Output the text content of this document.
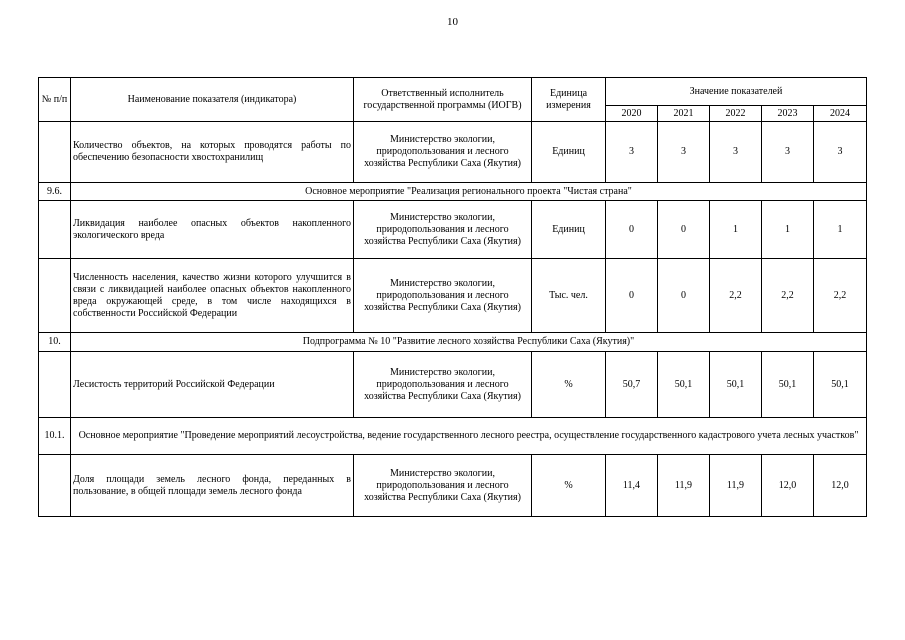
10
№ п/п	Наименование показателя (индикатора)	Ответственный исполнитель государственной программы (ИОГВ)	Единица измерения	Значение показателей				
				2020	2021	2022	2023	2024
	Количество объектов, на которых проводятся работы по обеспечению безопасности хвостохранилищ	Министерство экологии, природопользования и лесного хозяйства Республики Саха (Якутия)	Единиц	3	3	3	3	3
9.6.	Основное мероприятие "Реализация регионального проекта "Чистая страна"							
	Ликвидация наиболее опасных объектов накопленного экологического вреда	Министерство экологии, природопользования и лесного хозяйства Республики Саха (Якутия)	Единиц	0	0	1	1	1
	Численность населения, качество жизни которого улучшится в связи с ликвидацией наиболее опасных объектов накопленного вреда окружающей среде, в том числе находящихся в собственности Российской Федерации	Министерство экологии, природопользования и лесного хозяйства Республики Саха (Якутия)	Тыс. чел.	0	0	2,2	2,2	2,2
10.	Подпрограмма № 10 "Развитие лесного хозяйства Республики Саха (Якутия)"							
	Лесистость территорий Российской Федерации	Министерство экологии, природопользования и лесного хозяйства Республики Саха (Якутия)	%	50,7	50,1	50,1	50,1	50,1
10.1.	Основное мероприятие "Проведение мероприятий лесоустройства, ведение государственного лесного реестра, осуществление государственного кадастрового учета лесных участков"							
	Доля площади земель лесного фонда, переданных в пользование, в общей площади земель лесного фонда	Министерство экологии, природопользования и лесного хозяйства Республики Саха (Якутия)	%	11,4	11,9	11,9	12,0	12,0
